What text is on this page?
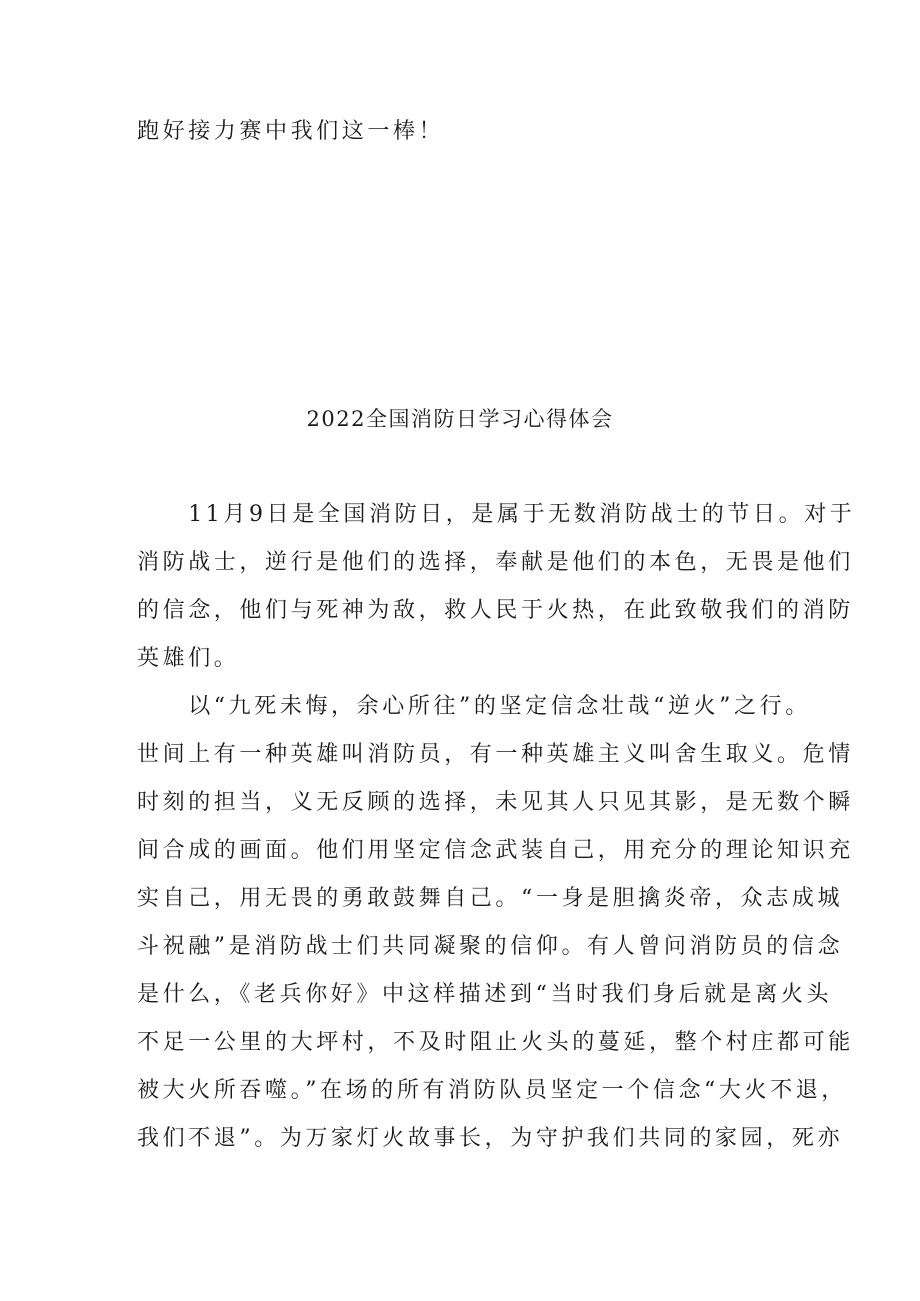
跑好接力赛中我们这一棒！
2022全国消防日学习心得体会
　　11月9日是全国消防日，是属于无数消防战士的节日。对于
消防战士，逆行是他们的选择，奉献是他们的本色，无畏是他们
的信念，他们与死神为敌，救人民于火热，在此致敬我们的消防
英雄们。
　　以“九死未悔，余心所往”的坚定信念壮哉“逆火”之行。
世间上有一种英雄叫消防员，有一种英雄主义叫舍生取义。危情
时刻的担当，义无反顾的选择，未见其人只见其影，是无数个瞬
间合成的画面。他们用坚定信念武装自己，用充分的理论知识充
实自己，用无畏的勇敢鼓舞自己。“一身是胆擒炎帝，众志成城
斗祝融”是消防战士们共同凝聚的信仰。有人曾问消防员的信念
是什么，《老兵你好》中这样描述到“当时我们身后就是离火头
不足一公里的大坪村，不及时阻止火头的蔓延，整个村庄都可能
被大火所吞噬。”在场的所有消防队员坚定一个信念“大火不退，
我们不退”。为万家灯火故事长，为守护我们共同的家园，死亦
